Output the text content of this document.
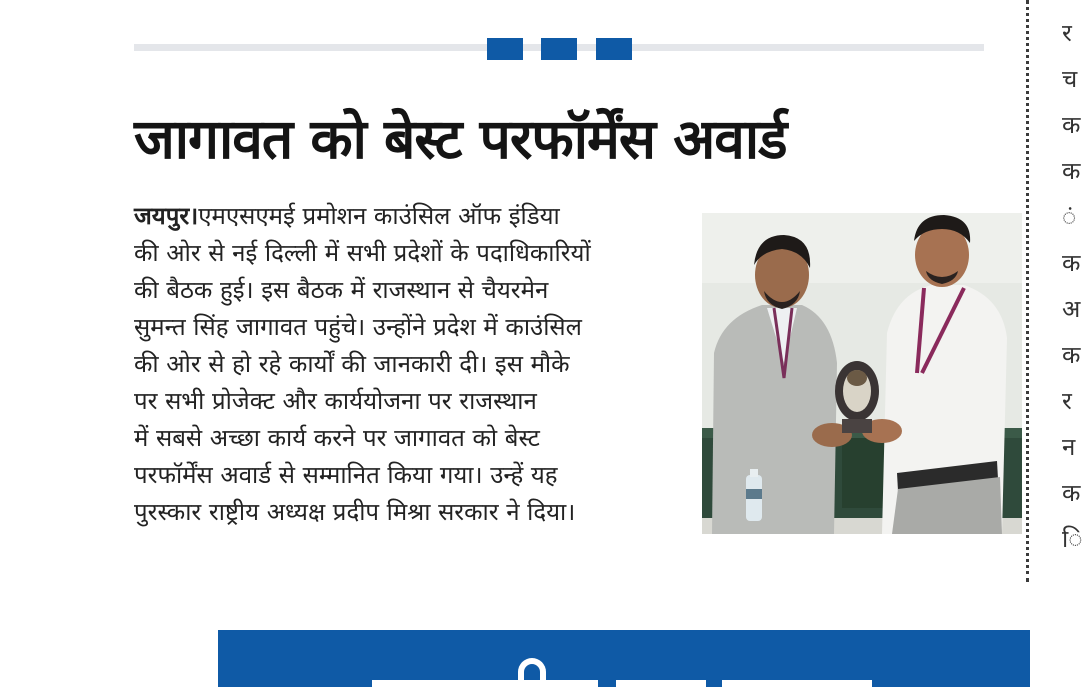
जागावत को बेस्ट परफॉर्मेंस अवार्ड
जयपुर।एमएसएमई प्रमोशन काउंसिल ऑफ इंडिया
की ओर से नई दिल्ली में सभी प्रदेशों के पदाधिकारियों
की बैठक हुई। इस बैठक में राजस्थान से चैयरमेन
सुमन्त सिंह जागावत पहुंचे। उन्होंने प्रदेश में काउंसिल
की ओर से हो रहे कार्यों की जानकारी दी। इस मौके
पर सभी प्रोजेक्ट और कार्ययोजना पर राजस्थान
में सबसे अच्छा कार्य करने पर जागावत को बेस्ट
परफॉर्मेंस अवार्ड से सम्मानित किया गया। उन्हें यह
पुरस्कार राष्ट्रीय अध्यक्ष प्रदीप मिश्रा सरकार ने दिया।
र
च
क
क
ं
क
अ
क
र
न
क
ि
